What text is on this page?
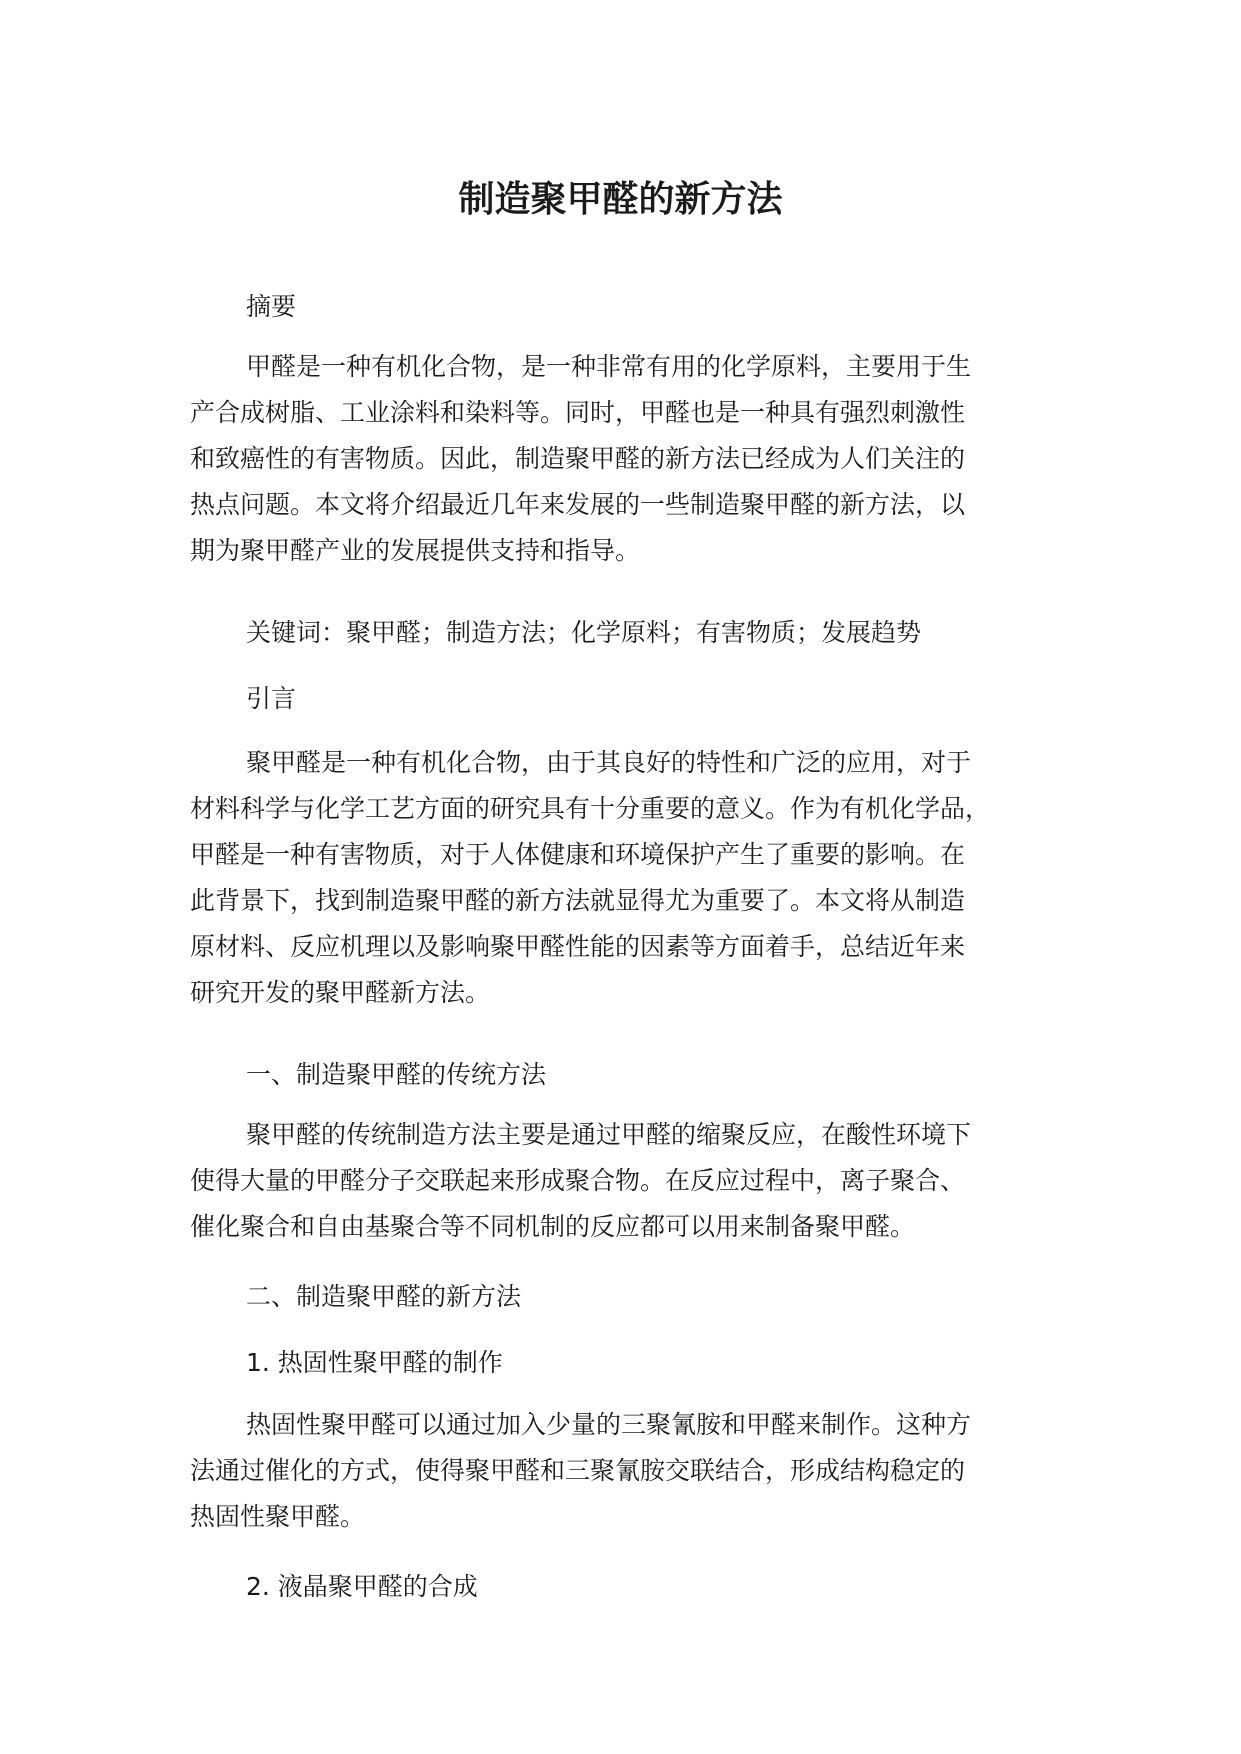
制造聚甲醛的新方法
摘要
甲醛是一种有机化合物，是一种非常有用的化学原料，主要用于生
产合成树脂、工业涂料和染料等。同时，甲醛也是一种具有强烈刺激性
和致癌性的有害物质。因此，制造聚甲醛的新方法已经成为人们关注的
热点问题。本文将介绍最近几年来发展的一些制造聚甲醛的新方法，以
期为聚甲醛产业的发展提供支持和指导。
关键词：聚甲醛；制造方法；化学原料；有害物质；发展趋势
引言
聚甲醛是一种有机化合物，由于其良好的特性和广泛的应用，对于
材料科学与化学工艺方面的研究具有十分重要的意义。作为有机化学品，
甲醛是一种有害物质，对于人体健康和环境保护产生了重要的影响。在
此背景下，找到制造聚甲醛的新方法就显得尤为重要了。本文将从制造
原材料、反应机理以及影响聚甲醛性能的因素等方面着手，总结近年来
研究开发的聚甲醛新方法。
一、制造聚甲醛的传统方法
聚甲醛的传统制造方法主要是通过甲醛的缩聚反应，在酸性环境下
使得大量的甲醛分子交联起来形成聚合物。在反应过程中，离子聚合、
催化聚合和自由基聚合等不同机制的反应都可以用来制备聚甲醛。
二、制造聚甲醛的新方法
1. 热固性聚甲醛的制作
热固性聚甲醛可以通过加入少量的三聚氰胺和甲醛来制作。这种方
法通过催化的方式，使得聚甲醛和三聚氰胺交联结合，形成结构稳定的
热固性聚甲醛。
2. 液晶聚甲醛的合成
